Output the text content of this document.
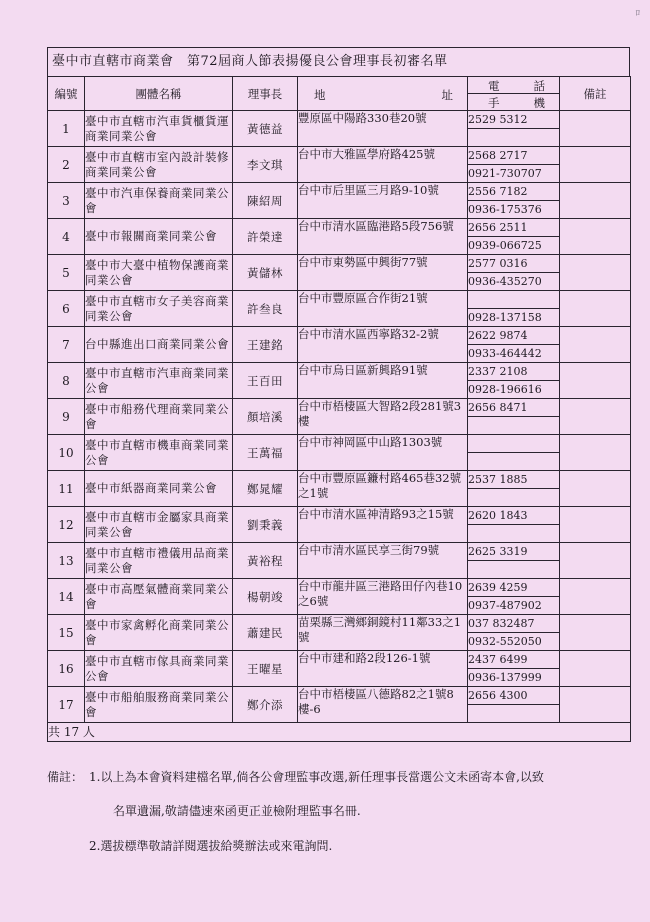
ﾛ
臺中市直轄市商業會　第72屆商人節表揚優良公會理事長初審名單
編號	團體名稱	理事長	地 址	電 話	備註

				手 機	

1	臺中市直轄市汽車貨櫃貨運商業同業公會	黃德益	豐原區中陽路330巷20號	2529 5312	

2	臺中市直轄市室內設計裝修商業同業公會	李文琪	台中市大雅區學府路425號	2568 2717	
				0921-730707	
3	臺中市汽車保養商業同業公會	陳紹周	台中市后里區三月路9-10號	2556 7182	
				0936-175376	
4	臺中市報關商業同業公會	許榮達	台中市清水區臨港路5段756號	2656 2511	
				0939-066725	
5	臺中市大臺中植物保護商業同業公會	黃儲林	台中市東勢區中興街77號	2577 0316	
				0936-435270	
6	臺中市直轄市女子美容商業同業公會	許叁良	台中市豐原區合作街21號		
				0928-137158	
7	台中縣進出口商業同業公會	王建銘	台中市清水區西寧路32-2號	2622 9874	
				0933-464442	
8	臺中市直轄市汽車商業同業公會	王百田	台中市烏日區新興路91號	2337 2108	
				0928-196616	
9	臺中市船務代理商業同業公會	顏培溪	台中市梧棲區大智路2段281號3樓	2656 8471	

10	臺中市直轄市機車商業同業公會	王萬福	台中市神岡區中山路1303號		

11	臺中市紙器商業同業公會	鄭晁耀	台中市豐原區鐮村路465巷32號之1號	2537 1885	

12	臺中市直轄市金屬家具商業同業公會	劉秉義	台中市清水區神清路93之15號	2620 1843	

13	臺中市直轄市禮儀用品商業同業公會	黃裕程	台中市清水區民享三街79號	2625 3319	

14	臺中市高壓氣體商業同業公會	楊朝竣	台中市龍井區三港路田仔內巷10之6號	2639 4259	
				0937-487902	
15	臺中市家禽孵化商業同業公會	蕭建民	苗栗縣三灣鄉銅鏡村11鄰33之1號	037 832487	
				0932-552050	
16	臺中市直轄市傢具商業同業公會	王曜星	台中市建和路2段126-1號	2437 6499	
				0936-137999	
17	臺中市船舶服務商業同業公會	鄭介添	台中市梧棲區八德路82之1號8樓-6	2656 4300	

共 17 人					
備註： 1.以上為本會資料建檔名單,倘各公會理監事改選,新任理事長當選公文未函寄本會,以致
名單遺漏,敬請儘速來函更正並檢附理監事名冊.
2.選拔標準敬請詳閱選拔給獎辦法或來電詢問.
